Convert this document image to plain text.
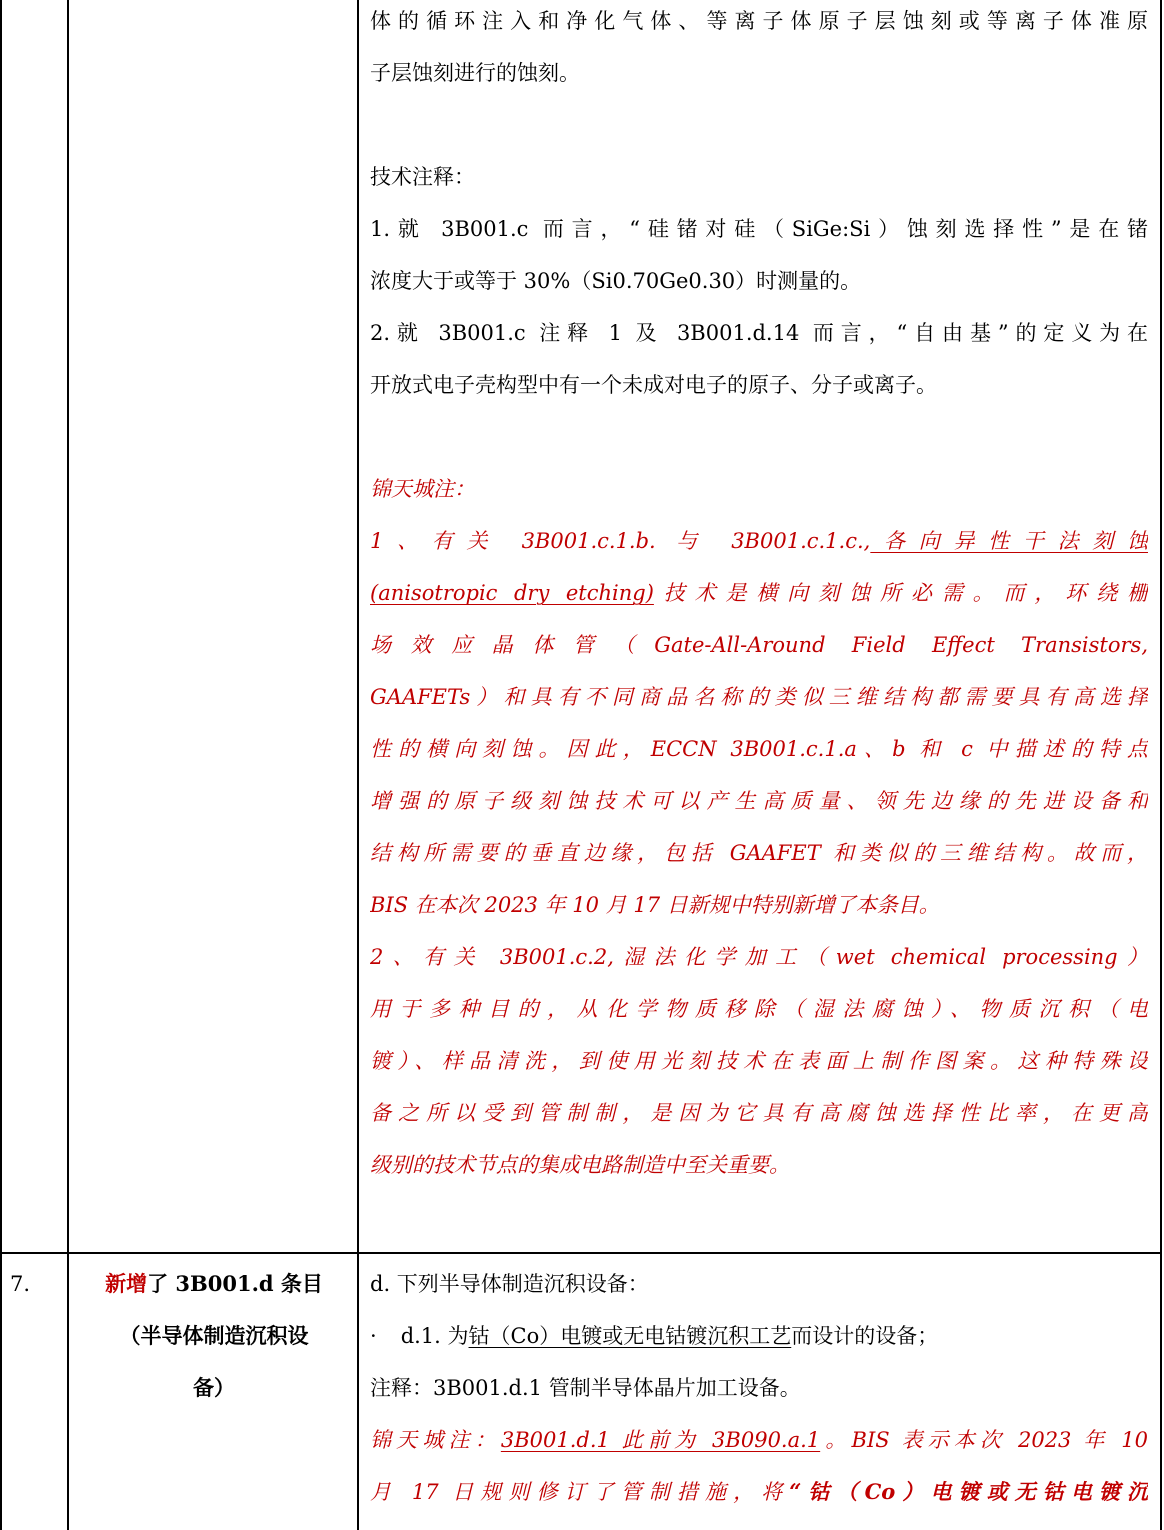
体的循环注入和净化气体、等离子体原子层蚀刻或等离子体准原
子层蚀刻进行的蚀刻。
技术注释：
1.就 3B001.c 而言，“硅锗对硅（SiGe:Si）蚀刻选择性”是在锗
浓度大于或等于 30%（Si0.70Ge0.30）时测量的。
2.就 3B001.c 注释 1 及 3B001.d.14 而言，“自由基”的定义为在
开放式电子壳构型中有一个未成对电子的原子、分子或离子。
锦天城注：
1、有关 3B001.c.1.b. 与 3B001.c.1.c.,各向异性干法刻蚀
(anisotropic dry etching)技术是横向刻蚀所必需。而，环绕栅
场效应晶体管（Gate-All-Around Field Effect Transistors,
GAAFETs）和具有不同商品名称的类似三维结构都需要具有高选择
性的横向刻蚀。因此，ECCN 3B001.c.1.a、b 和 c 中描述的特点
增强的原子级刻蚀技术可以产生高质量、领先边缘的先进设备和
结构所需要的垂直边缘，包括 GAAFET 和类似的三维结构。故而，
BIS 在本次 2023 年 10 月 17 日新规中特别新增了本条目。
2、有关 3B001.c.2,湿法化学加工（wet chemical processing）
用于多种目的，从化学物质移除（湿法腐蚀）、物质沉积（电
镀）、样品清洗，到使用光刻技术在表面上制作图案。这种特殊设
备之所以受到管制制，是因为它具有高腐蚀选择性比率，在更高
级别的技术节点的集成电路制造中至关重要。
7.	新增了 3B001.d 条目
（半导体制造沉积设
备）
d. 下列半导体制造沉积设备：
· d.1. 为钴（Co）电镀或无电钴镀沉积工艺而设计的设备；
注释：3B001.d.1 管制半导体晶片加工设备。
锦天城注：3B001.d.1 此前为 3B090.a.1。BIS 表示本次 2023 年 10
月 17 日规则修订了管制措施，将“钴（Co）电镀或无钴电镀沉
